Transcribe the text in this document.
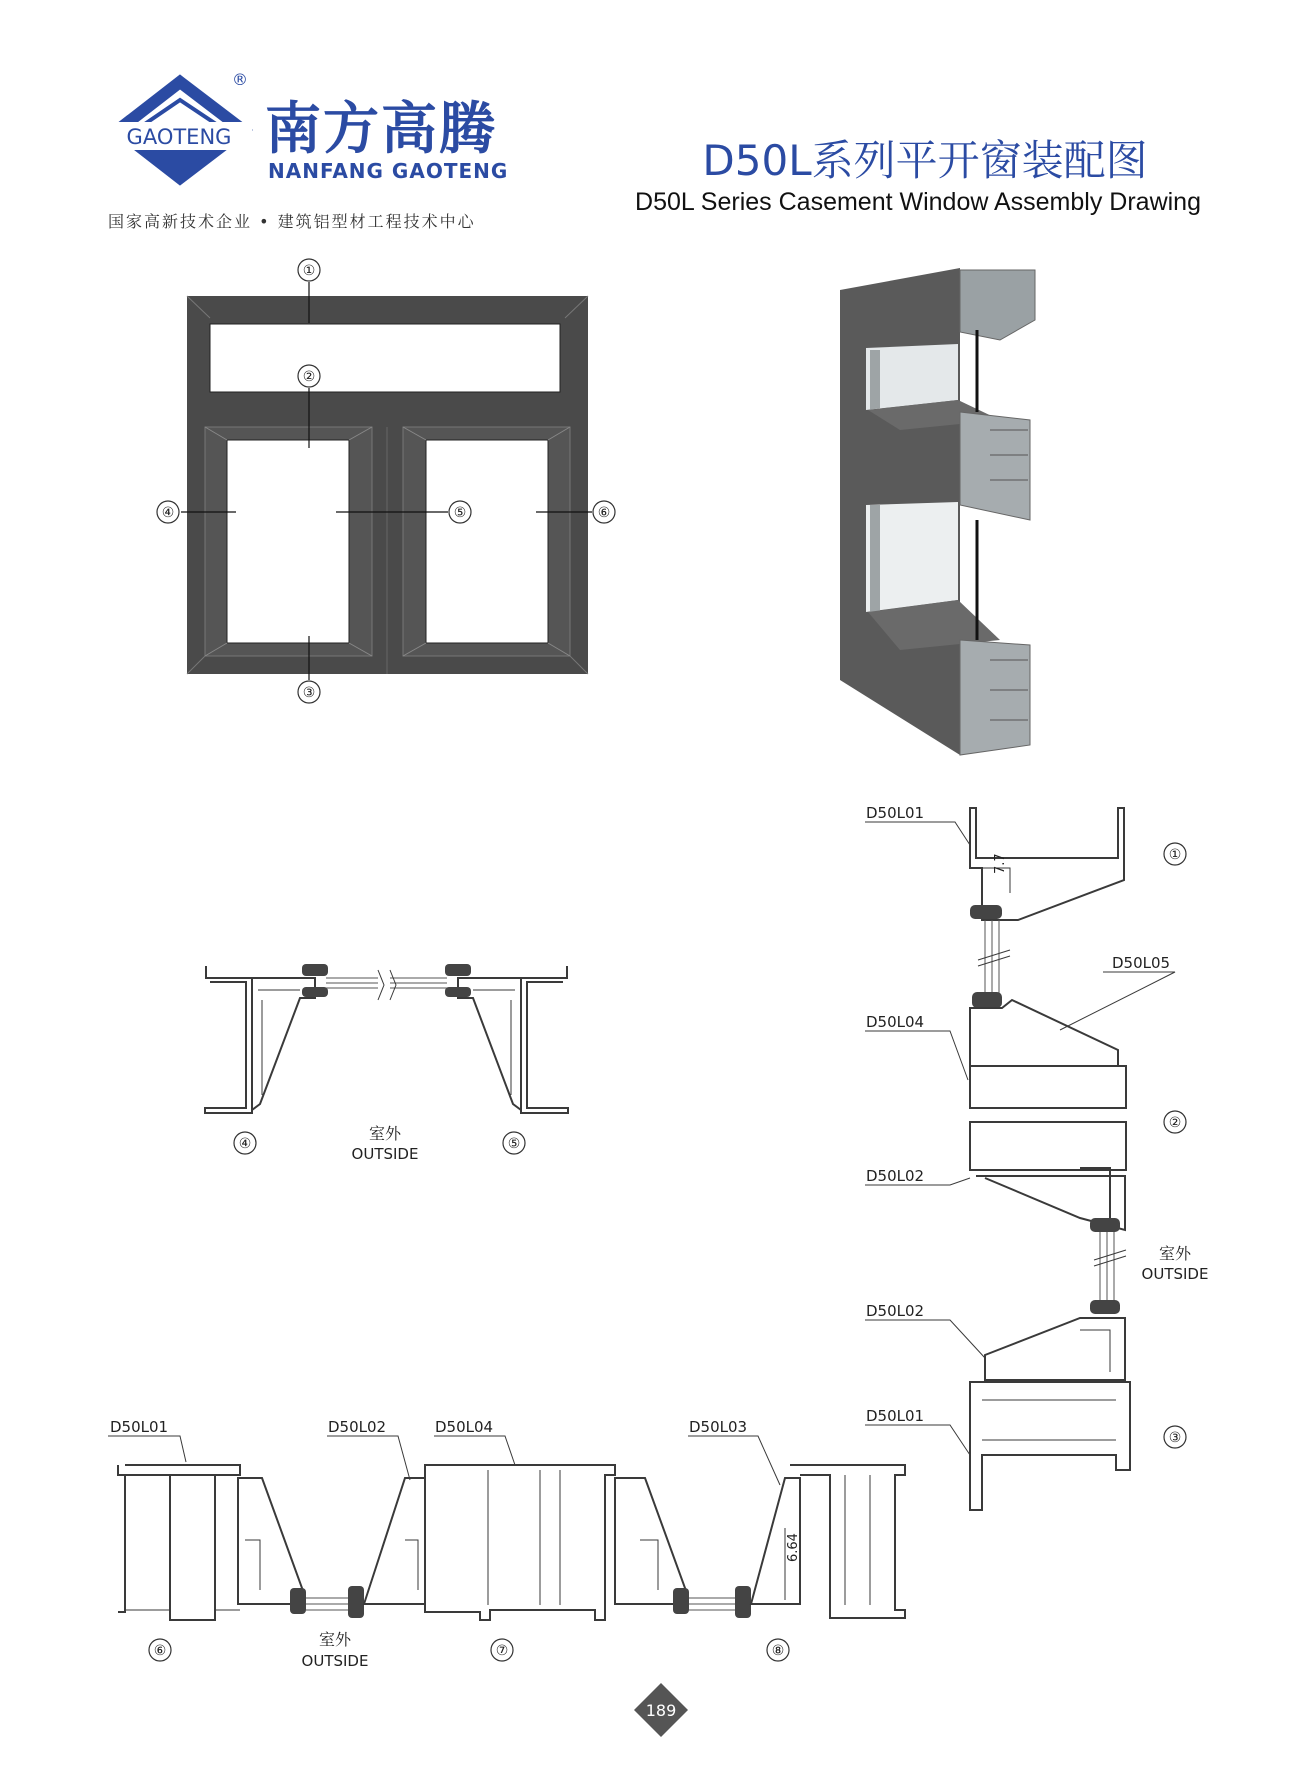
GAOTENG
®
南方高腾
NANFANG GAOTENG
国家高新技术企业 • 建筑铝型材工程技术中心
D50L系列平开窗装配图
D50L Series Casement Window Assembly Drawing
①
②
③
④	⑤	⑥
室外
OUTSIDE
④	⑤
7.7
D50L01
D50L05
D50L04
D50L02
D50L02
D50L01
室外
OUTSIDE
①
②
③
6.64
D50L01	D50L02	D50L04	D50L03
室外
OUTSIDE
⑥	⑦	⑧
189
